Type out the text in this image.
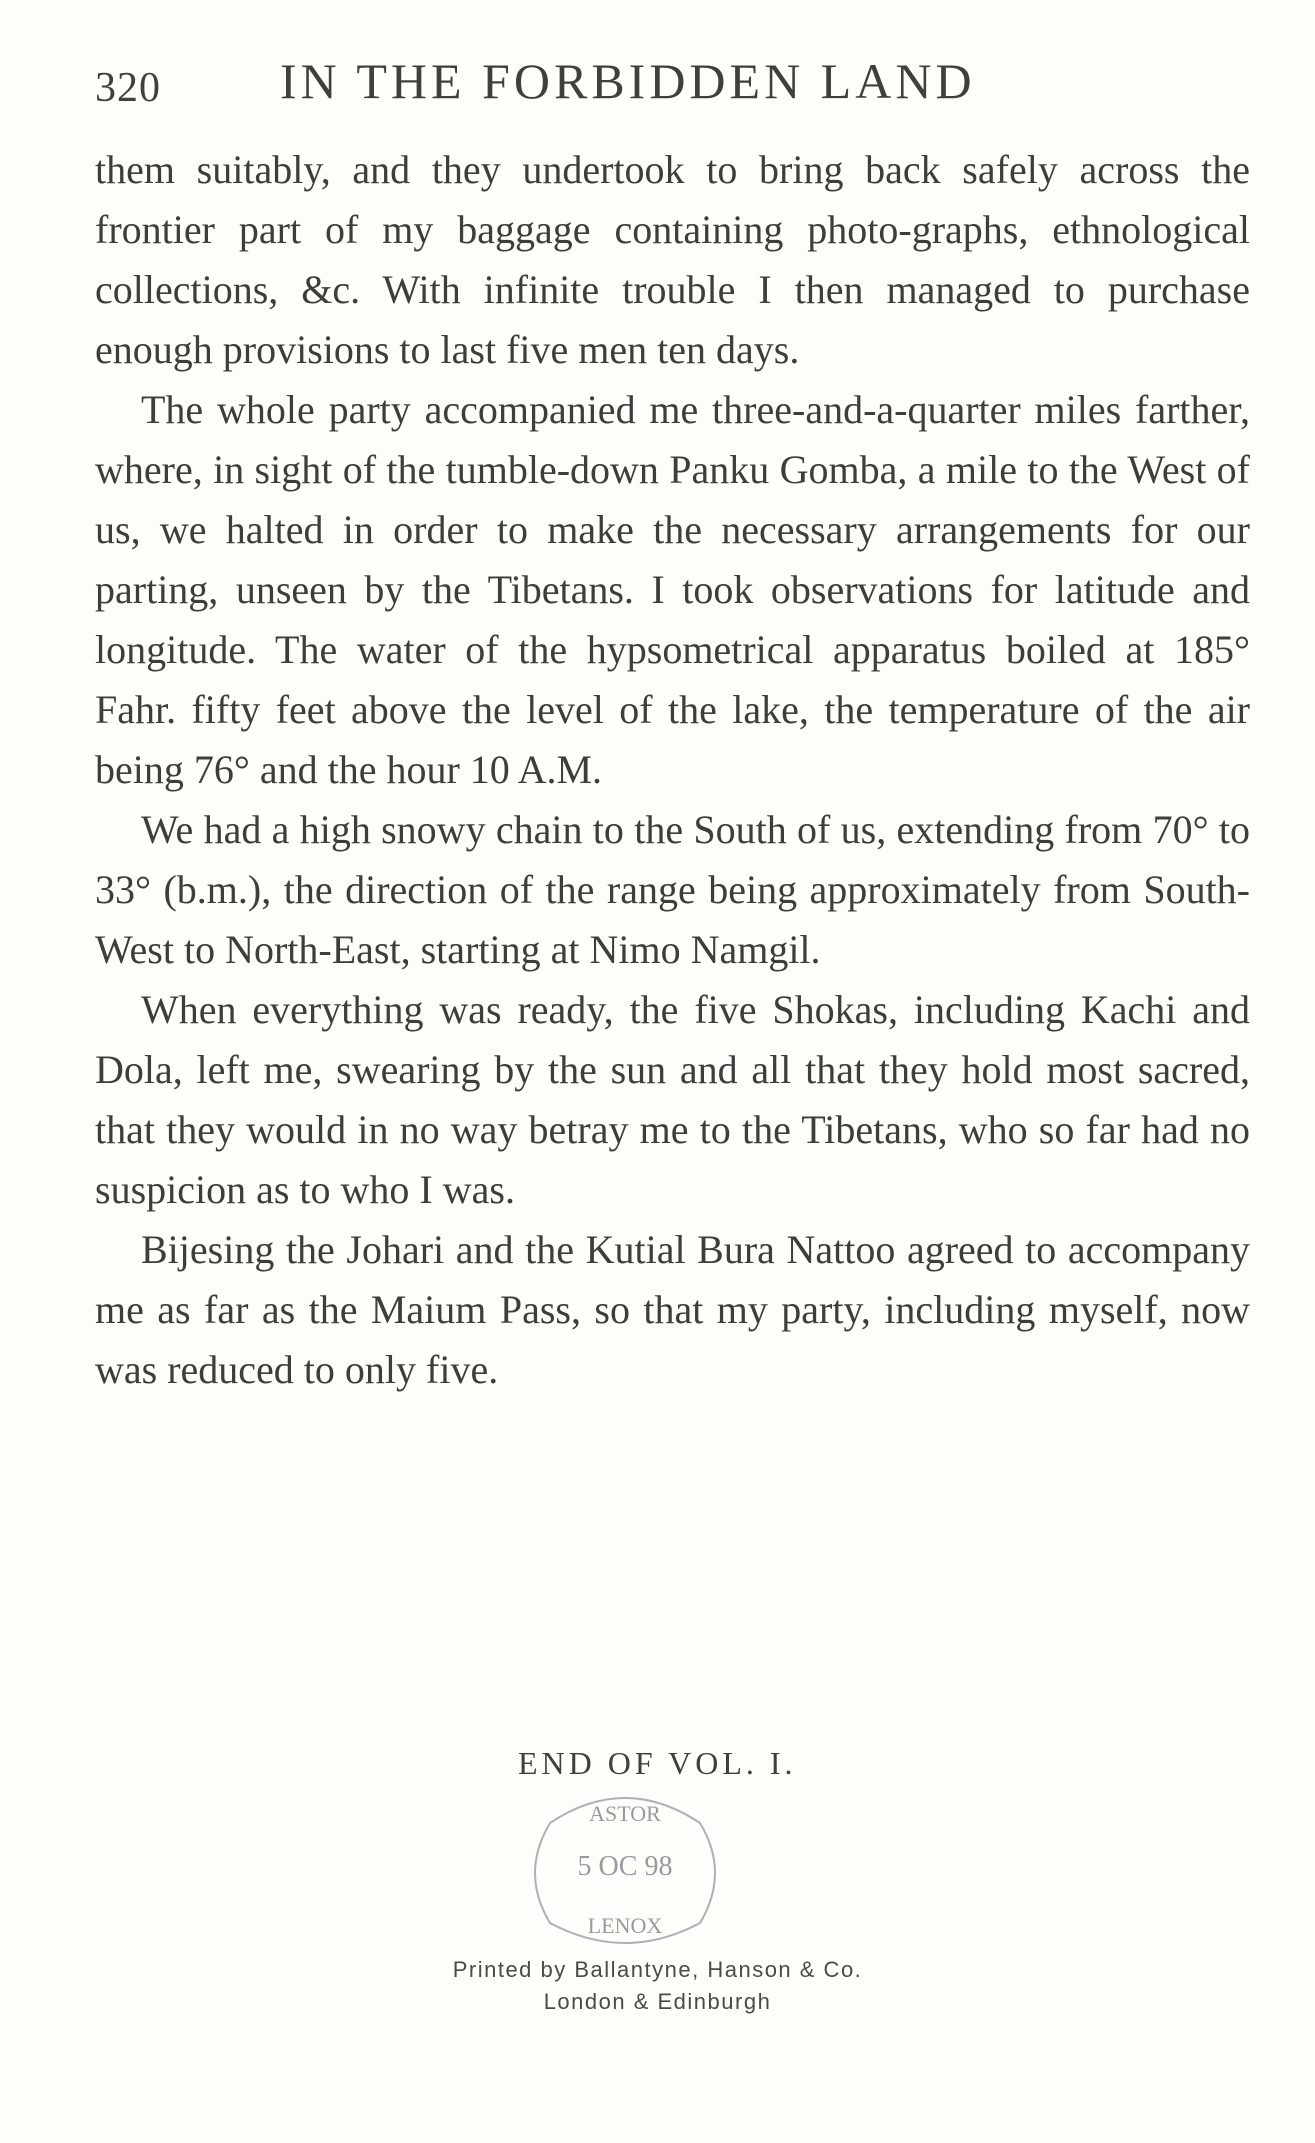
320 IN THE FORBIDDEN LAND

them suitably, and they undertook to bring back safely across the frontier part of my baggage containing photo-graphs, ethnological collections, &c. With infinite trouble I then managed to purchase enough provisions to last five men ten days.

The whole party accompanied me three-and-a-quarter miles farther, where, in sight of the tumble-down Panku Gomba, a mile to the West of us, we halted in order to make the necessary arrangements for our parting, unseen by the Tibetans. I took observations for latitude and longitude. The water of the hypsometrical apparatus boiled at 185° Fahr. fifty feet above the level of the lake, the temperature of the air being 76° and the hour 10 A.M.

We had a high snowy chain to the South of us, extending from 70° to 33° (b.m.), the direction of the range being approximately from South-West to North-East, starting at Nimo Namgil.

When everything was ready, the five Shokas, including Kachi and Dola, left me, swearing by the sun and all that they hold most sacred, that they would in no way betray me to the Tibetans, who so far had no suspicion as to who I was.

Bijesing the Johari and the Kutial Bura Nattoo agreed to accompany me as far as the Maium Pass, so that my party, including myself, now was reduced to only five.

END OF VOL. I.
ASTOR
5 OC 98
LENOX
Printed by Ballantyne, Hanson & Co.
London & Edinburgh
